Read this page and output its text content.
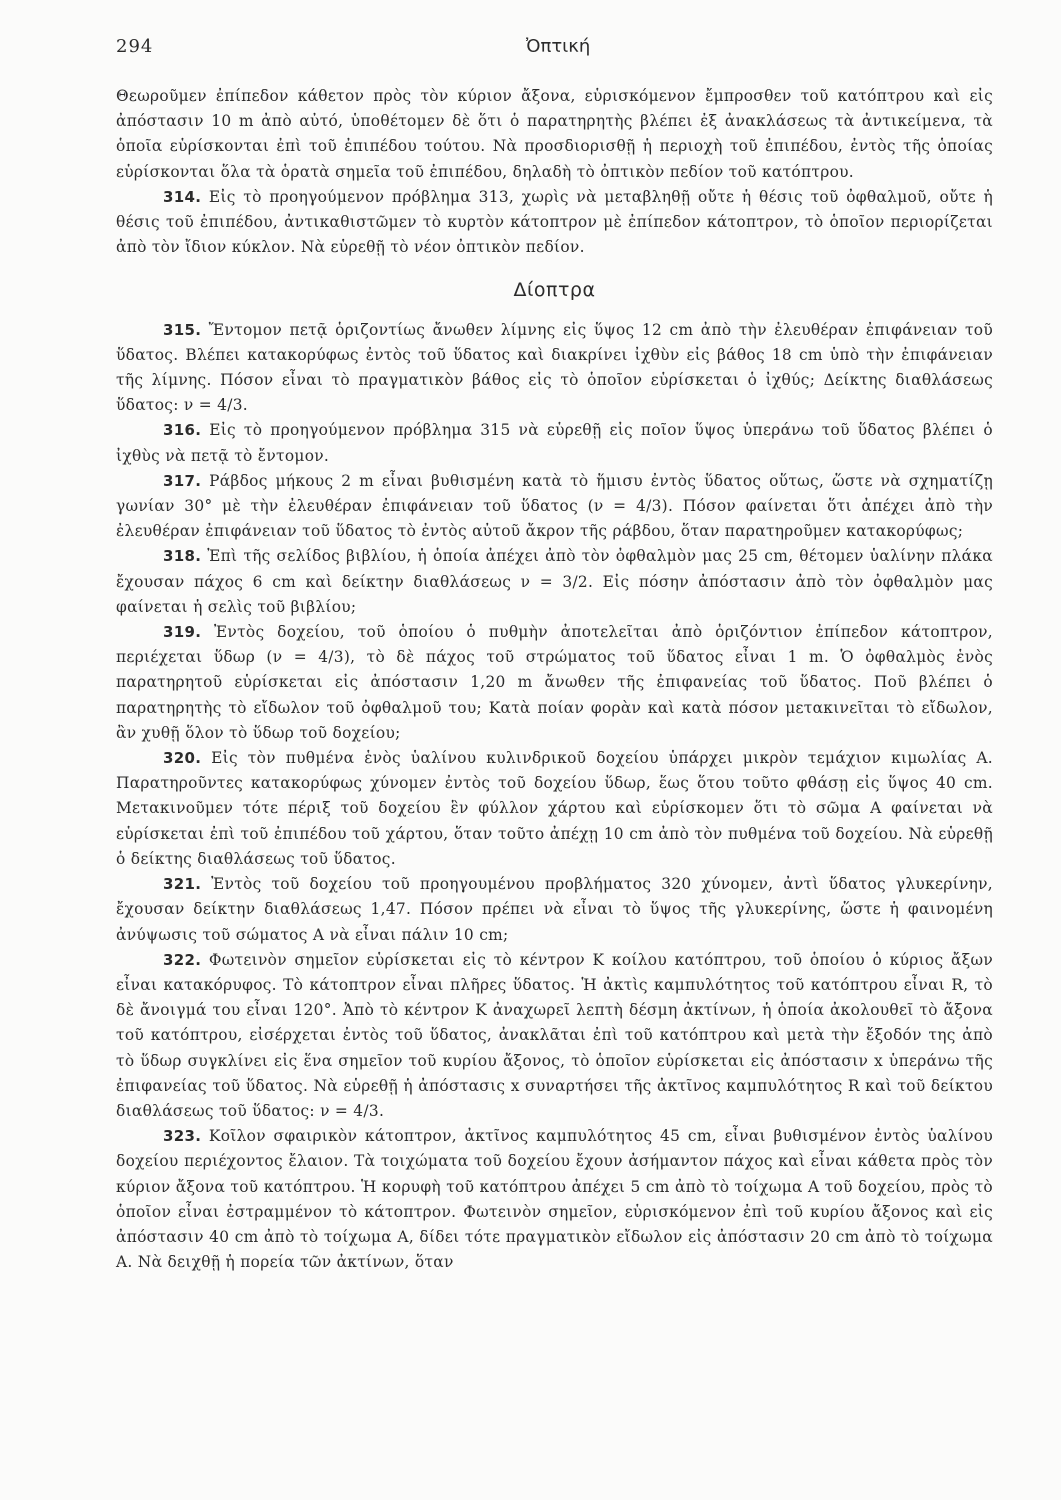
294	Ὀπτική

Θεωροῦμεν ἐπίπεδον κάθετον πρὸς τὸν κύριον ἄξονα, εὑρισκόμενον ἔμπροσθεν τοῦ κατόπτρου καὶ εἰς ἀπόστασιν 10 m ἀπὸ αὐτό, ὑποθέτομεν δὲ ὅτι ὁ παρατηρητὴς βλέπει ἐξ ἀνακλάσεως τὰ ἀντικείμενα, τὰ ὁποῖα εὑρίσκονται ἐπὶ τοῦ ἐπιπέδου τούτου. Νὰ προσδιορισθῇ ἡ περιοχὴ τοῦ ἐπιπέδου, ἐντὸς τῆς ὁποίας εὑρίσκονται ὅλα τὰ ὁρατὰ σημεῖα τοῦ ἐπιπέδου, δηλαδὴ τὸ ὀπτικὸν πεδίον τοῦ κατόπτρου.

314. Εἰς τὸ προηγούμενον πρόβλημα 313, χωρὶς νὰ μεταβληθῇ οὔτε ἡ θέσις τοῦ ὀφθαλμοῦ, οὔτε ἡ θέσις τοῦ ἐπιπέδου, ἀντικαθιστῶμεν τὸ κυρτὸν κάτοπτρον μὲ ἐπίπεδον κάτοπτρον, τὸ ὁποῖον περιορίζεται ἀπὸ τὸν ἴδιον κύκλον. Νὰ εὑρεθῇ τὸ νέον ὀπτικὸν πεδίον.

Δίοπτρα

315. Ἔντομον πετᾷ ὁριζοντίως ἄνωθεν λίμνης εἰς ὕψος 12 cm ἀπὸ τὴν ἐλευθέραν ἐπιφάνειαν τοῦ ὕδατος. Βλέπει κατακορύφως ἐντὸς τοῦ ὕδατος καὶ διακρίνει ἰχθὺν εἰς βάθος 18 cm ὑπὸ τὴν ἐπιφάνειαν τῆς λίμνης. Πόσον εἶναι τὸ πραγματικὸν βάθος εἰς τὸ ὁποῖον εὑρίσκεται ὁ ἰχθύς; Δείκτης διαθλάσεως ὕδατος: ν = 4/3.

316. Εἰς τὸ προηγούμενον πρόβλημα 315 νὰ εὑρεθῇ εἰς ποῖον ὕψος ὑπεράνω τοῦ ὕδατος βλέπει ὁ ἰχθὺς νὰ πετᾷ τὸ ἔντομον.

317. Ράβδος μήκους 2 m εἶναι βυθισμένη κατὰ τὸ ἥμισυ ἐντὸς ὕδατος οὕτως, ὥστε νὰ σχηματίζῃ γωνίαν 30° μὲ τὴν ἐλευθέραν ἐπιφάνειαν τοῦ ὕδατος (ν = 4/3). Πόσον φαίνεται ὅτι ἀπέχει ἀπὸ τὴν ἐλευθέραν ἐπιφάνειαν τοῦ ὕδατος τὸ ἐντὸς αὐτοῦ ἄκρον τῆς ράβδου, ὅταν παρατηροῦμεν κατακορύφως;

318. Ἐπὶ τῆς σελίδος βιβλίου, ἡ ὁποία ἀπέχει ἀπὸ τὸν ὀφθαλμὸν μας 25 cm, θέτομεν ὑαλίνην πλάκα ἔχουσαν πάχος 6 cm καὶ δείκτην διαθλάσεως ν = 3/2. Εἰς πόσην ἀπόστασιν ἀπὸ τὸν ὀφθαλμὸν μας φαίνεται ἡ σελὶς τοῦ βιβλίου;

319. Ἐντὸς δοχείου, τοῦ ὁποίου ὁ πυθμὴν ἀποτελεῖται ἀπὸ ὁριζόντιον ἐπίπεδον κάτοπτρον, περιέχεται ὕδωρ (ν = 4/3), τὸ δὲ πάχος τοῦ στρώματος τοῦ ὕδατος εἶναι 1 m. Ὁ ὀφθαλμὸς ἑνὸς παρατηρητοῦ εὑρίσκεται εἰς ἀπόστασιν 1,20 m ἄνωθεν τῆς ἐπιφανείας τοῦ ὕδατος. Ποῦ βλέπει ὁ παρατηρητὴς τὸ εἴδωλον τοῦ ὀφθαλμοῦ του; Κατὰ ποίαν φορὰν καὶ κατὰ πόσον μετακινεῖται τὸ εἴδωλον, ἂν χυθῇ ὅλον τὸ ὕδωρ τοῦ δοχείου;

320. Εἰς τὸν πυθμένα ἑνὸς ὑαλίνου κυλινδρικοῦ δοχείου ὑπάρχει μικρὸν τεμάχιον κιμωλίας Α. Παρατηροῦντες κατακορύφως χύνομεν ἐντὸς τοῦ δοχείου ὕδωρ, ἕως ὅτου τοῦτο φθάσῃ εἰς ὕψος 40 cm. Μετακινοῦμεν τότε πέριξ τοῦ δοχείου ἓν φύλλον χάρτου καὶ εὑρίσκομεν ὅτι τὸ σῶμα Α φαίνεται νὰ εὑρίσκεται ἐπὶ τοῦ ἐπιπέδου τοῦ χάρτου, ὅταν τοῦτο ἀπέχῃ 10 cm ἀπὸ τὸν πυθμένα τοῦ δοχείου. Νὰ εὑρεθῇ ὁ δείκτης διαθλάσεως τοῦ ὕδατος.

321. Ἐντὸς τοῦ δοχείου τοῦ προηγουμένου προβλήματος 320 χύνομεν, ἀντὶ ὕδατος γλυκερίνην, ἔχουσαν δείκτην διαθλάσεως 1,47. Πόσον πρέπει νὰ εἶναι τὸ ὕψος τῆς γλυκερίνης, ὥστε ἡ φαινομένη ἀνύψωσις τοῦ σώματος Α νὰ εἶναι πάλιν 10 cm;

322. Φωτεινὸν σημεῖον εὑρίσκεται εἰς τὸ κέντρον Κ κοίλου κατόπτρου, τοῦ ὁποίου ὁ κύριος ἄξων εἶναι κατακόρυφος. Τὸ κάτοπτρον εἶναι πλῆρες ὕδατος. Ἡ ἀκτὶς καμπυλότητος τοῦ κατόπτρου εἶναι R, τὸ δὲ ἄνοιγμά του εἶναι 120°. Ἀπὸ τὸ κέντρον Κ ἀναχωρεῖ λεπτὴ δέσμη ἀκτίνων, ἡ ὁποία ἀκολουθεῖ τὸ ἄξονα τοῦ κατόπτρου, εἰσέρχεται ἐντὸς τοῦ ὕδατος, ἀνακλᾶται ἐπὶ τοῦ κατόπτρου καὶ μετὰ τὴν ἔξοδόν της ἀπὸ τὸ ὕδωρ συγκλίνει εἰς ἕνα σημεῖον τοῦ κυρίου ἄξονος, τὸ ὁποῖον εὑρίσκεται εἰς ἀπόστασιν x ὑπεράνω τῆς ἐπιφανείας τοῦ ὕδατος. Νὰ εὑρεθῇ ἡ ἀπόστασις x συναρτήσει τῆς ἀκτῖνος καμπυλότητος R καὶ τοῦ δείκτου διαθλάσεως τοῦ ὕδατος: ν = 4/3.

323. Κοῖλον σφαιρικὸν κάτοπτρον, ἀκτῖνος καμπυλότητος 45 cm, εἶναι βυθισμένον ἐντὸς ὑαλίνου δοχείου περιέχοντος ἔλαιον. Τὰ τοιχώματα τοῦ δοχείου ἔχουν ἀσήμαντον πάχος καὶ εἶναι κάθετα πρὸς τὸν κύριον ἄξονα τοῦ κατόπτρου. Ἡ κορυφὴ τοῦ κατόπτρου ἀπέχει 5 cm ἀπὸ τὸ τοίχωμα Α τοῦ δοχείου, πρὸς τὸ ὁποῖον εἶναι ἐστραμμένον τὸ κάτοπτρον. Φωτεινὸν σημεῖον, εὑρισκόμενον ἐπὶ τοῦ κυρίου ἄξονος καὶ εἰς ἀπόστασιν 40 cm ἀπὸ τὸ τοίχωμα Α, δίδει τότε πραγματικὸν εἴδωλον εἰς ἀπόστασιν 20 cm ἀπὸ τὸ τοίχωμα Α. Νὰ δειχθῇ ἡ πορεία τῶν ἀκτίνων, ὅταν
